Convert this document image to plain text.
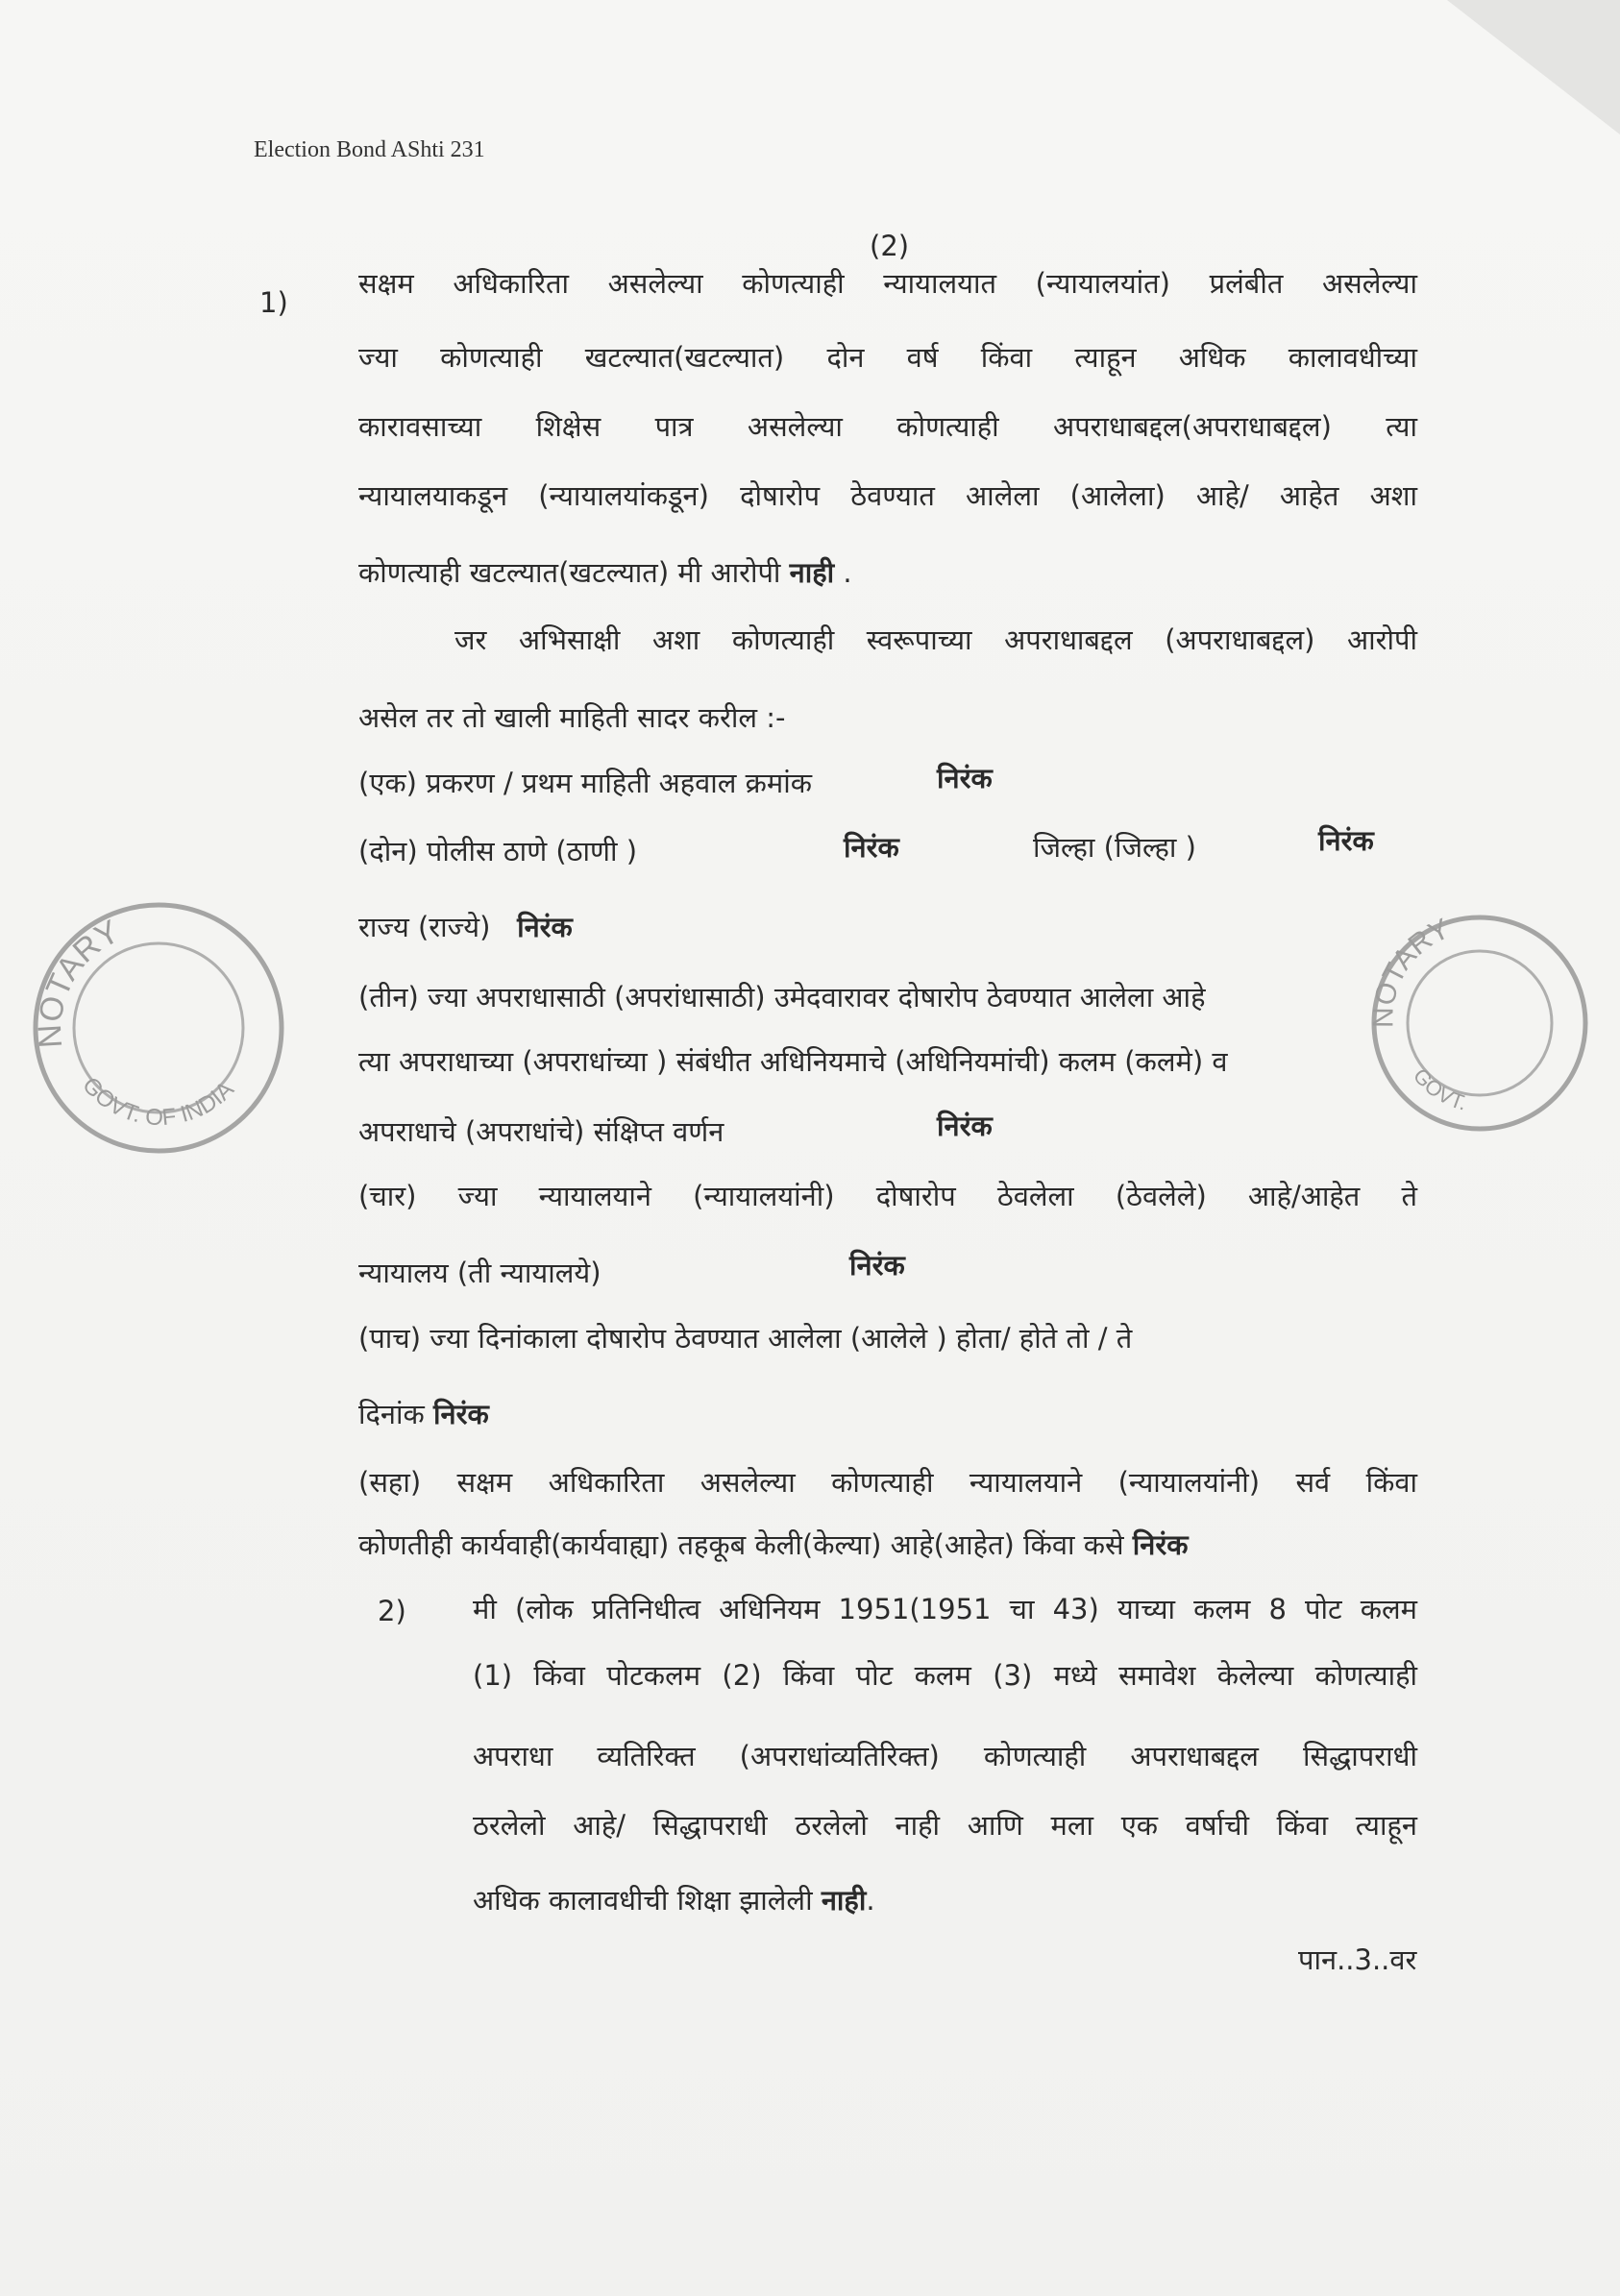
NOTARY
GOVT. OF INDIA
NOTARY
GOVT.
Election Bond AShti 231
(2)
1)
सक्षम अधिकारिता असलेल्या कोणत्याही न्यायालयात (न्यायालयांत) प्रलंबीत असलेल्या
ज्या कोणत्याही खटल्यात(खटल्यात) दोन वर्ष किंवा त्याहून अधिक कालावधीच्या
कारावसाच्या शिक्षेस पात्र असलेल्या कोणत्याही अपराधाबद्दल(अपराधाबद्दल) त्या
न्यायालयाकडून (न्यायालयांकडून) दोषारोप ठेवण्यात आलेला (आलेला) आहे/ आहेत अशा
कोणत्याही खटल्यात(खटल्यात) मी आरोपी नाही .
जर अभिसाक्षी अशा कोणत्याही स्वरूपाच्या अपराधाबद्दल (अपराधाबद्दल) आरोपी
असेल तर तो खाली माहिती सादर करील :-
(एक) प्रकरण / प्रथम माहिती अहवाल क्रमांक	निरंक
(दोन) पोलीस ठाणे (ठाणी )	निरंक	जिल्हा (जिल्हा )	निरंक
राज्य (राज्ये) निरंक
(तीन) ज्या अपराधासाठी (अपरांधासाठी) उमेदवारावर दोषारोप ठेवण्यात आलेला आहे
त्या अपराधाच्या (अपराधांच्या ) संबंधीत अधिनियमाचे (अधिनियमांची) कलम (कलमे) व
अपराधाचे (अपराधांचे) संक्षिप्त वर्णन	निरंक
(चार) ज्या न्यायालयाने (न्यायालयांनी) दोषारोप ठेवलेला (ठेवलेले) आहे/आहेत ते
न्यायालय (ती न्यायालये)	निरंक
(पाच) ज्या दिनांकाला दोषारोप ठेवण्यात आलेला (आलेले ) होता/ होते तो / ते
दिनांक निरंक
(सहा) सक्षम अधिकारिता असलेल्या कोणत्याही न्यायालयाने (न्यायालयांनी) सर्व किंवा
कोणतीही कार्यवाही(कार्यवाह्या) तहकूब केली(केल्या) आहे(आहेत) किंवा कसे निरंक
2) मी (लोक प्रतिनिधीत्व अधिनियम 1951(1951 चा 43) याच्या कलम 8 पोट कलम
(1) किंवा पोटकलम (2) किंवा पोट कलम (3) मध्ये समावेश केलेल्या कोणत्याही
अपराधा व्यतिरिक्त (अपराधांव्यतिरिक्त) कोणत्याही अपराधाबद्दल सिद्धापराधी
ठरलेलो आहे/ सिद्धापराधी ठरलेलो नाही आणि मला एक वर्षाची किंवा त्याहून
अधिक कालावधीची शिक्षा झालेली नाही.
पान..3..वर
